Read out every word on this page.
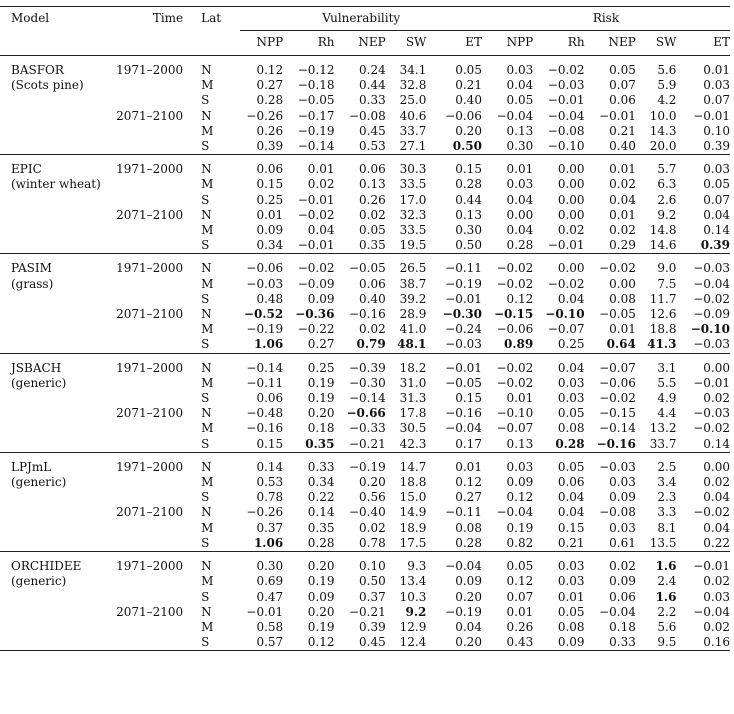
Model	Time	Lat	Vulnerability					Risk				
			NPP	Rh	NEP	SW	ET	NPP	Rh	NEP	SW	ET
BASFOR	1971–2000	N	0.12	−0.12	0.24	34.1	0.05	0.03	−0.02	0.05	5.6	0.01
(Scots pine)		M	0.27	−0.18	0.44	32.8	0.21	0.04	−0.03	0.07	5.9	0.03
		S	0.28	−0.05	0.33	25.0	0.40	0.05	−0.01	0.06	4.2	0.07
	2071–2100	N	−0.26	−0.17	−0.08	40.6	−0.06	−0.04	−0.04	−0.01	10.0	−0.01
		M	0.26	−0.19	0.45	33.7	0.20	0.13	−0.08	0.21	14.3	0.10
		S	0.39	−0.14	0.53	27.1	0.50	0.30	−0.10	0.40	20.0	0.39
EPIC	1971–2000	N	0.06	0.01	0.06	30.3	0.15	0.01	0.00	0.01	5.7	0.03
(winter wheat)		M	0.15	0.02	0.13	33.5	0.28	0.03	0.00	0.02	6.3	0.05
		S	0.25	−0.01	0.26	17.0	0.44	0.04	0.00	0.04	2.6	0.07
	2071–2100	N	0.01	−0.02	0.02	32.3	0.13	0.00	0.00	0.01	9.2	0.04
		M	0.09	0.04	0.05	33.5	0.30	0.04	0.02	0.02	14.8	0.14
		S	0.34	−0.01	0.35	19.5	0.50	0.28	−0.01	0.29	14.6	0.39
PASIM	1971–2000	N	−0.06	−0.02	−0.05	26.5	−0.11	−0.02	0.00	−0.02	9.0	−0.03
(grass)		M	−0.03	−0.09	0.06	38.7	−0.19	−0.02	−0.02	0.00	7.5	−0.04
		S	0.48	0.09	0.40	39.2	−0.01	0.12	0.04	0.08	11.7	−0.02
	2071–2100	N	−0.52	−0.36	−0.16	28.9	−0.30	−0.15	−0.10	−0.05	12.6	−0.09
		M	−0.19	−0.22	0.02	41.0	−0.24	−0.06	−0.07	0.01	18.8	−0.10
		S	1.06	0.27	0.79	48.1	−0.03	0.89	0.25	0.64	41.3	−0.03
JSBACH	1971–2000	N	−0.14	0.25	−0.39	18.2	−0.01	−0.02	0.04	−0.07	3.1	0.00
(generic)		M	−0.11	0.19	−0.30	31.0	−0.05	−0.02	0.03	−0.06	5.5	−0.01
		S	0.06	0.19	−0.14	31.3	0.15	0.01	0.03	−0.02	4.9	0.02
	2071–2100	N	−0.48	0.20	−0.66	17.8	−0.16	−0.10	0.05	−0.15	4.4	−0.03
		M	−0.16	0.18	−0.33	30.5	−0.04	−0.07	0.08	−0.14	13.2	−0.02
		S	0.15	0.35	−0.21	42.3	0.17	0.13	0.28	−0.16	33.7	0.14
LPJmL	1971–2000	N	0.14	0.33	−0.19	14.7	0.01	0.03	0.05	−0.03	2.5	0.00
(generic)		M	0.53	0.34	0.20	18.8	0.12	0.09	0.06	0.03	3.4	0.02
		S	0.78	0.22	0.56	15.0	0.27	0.12	0.04	0.09	2.3	0.04
	2071–2100	N	−0.26	0.14	−0.40	14.9	−0.11	−0.04	0.04	−0.08	3.3	−0.02
		M	0.37	0.35	0.02	18.9	0.08	0.19	0.15	0.03	8.1	0.04
		S	1.06	0.28	0.78	17.5	0.28	0.82	0.21	0.61	13.5	0.22
ORCHIDEE	1971–2000	N	0.30	0.20	0.10	9.3	−0.04	0.05	0.03	0.02	1.6	−0.01
(generic)		M	0.69	0.19	0.50	13.4	0.09	0.12	0.03	0.09	2.4	0.02
		S	0.47	0.09	0.37	10.3	0.20	0.07	0.01	0.06	1.6	0.03
	2071–2100	N	−0.01	0.20	−0.21	9.2	−0.19	0.01	0.05	−0.04	2.2	−0.04
		M	0.58	0.19	0.39	12.9	0.04	0.26	0.08	0.18	5.6	0.02
		S	0.57	0.12	0.45	12.4	0.20	0.43	0.09	0.33	9.5	0.16
